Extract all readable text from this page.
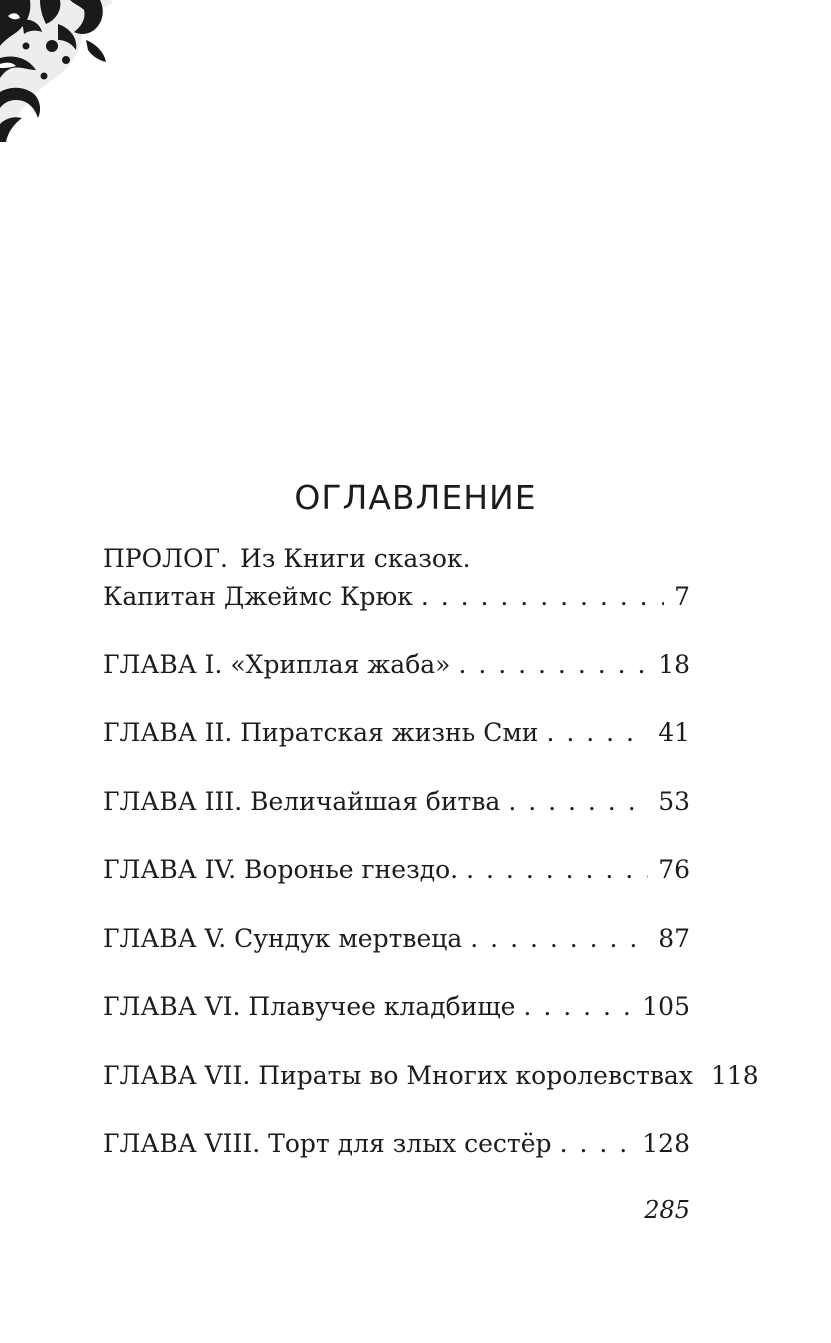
ОГЛАВЛЕНИЕ
ПРОЛОГ. Из Книги сказок.
Капитан Джеймс Крюк . . .	7
ГЛАВА I. «Хриплая жаба» . . .	18
ГЛАВА II. Пиратская жизнь Сми . . .	41
ГЛАВА III. Величайшая битва . . .	53
ГЛАВА IV. Воронье гнездо. . . .	76
ГЛАВА V. Сундук мертвеца . . .	87
ГЛАВА VI. Плавучее кладбище . . .	105
ГЛАВА VII. Пираты во Многих королевствах 118
ГЛАВА VIII. Торт для злых сестёр . . .	128
285
